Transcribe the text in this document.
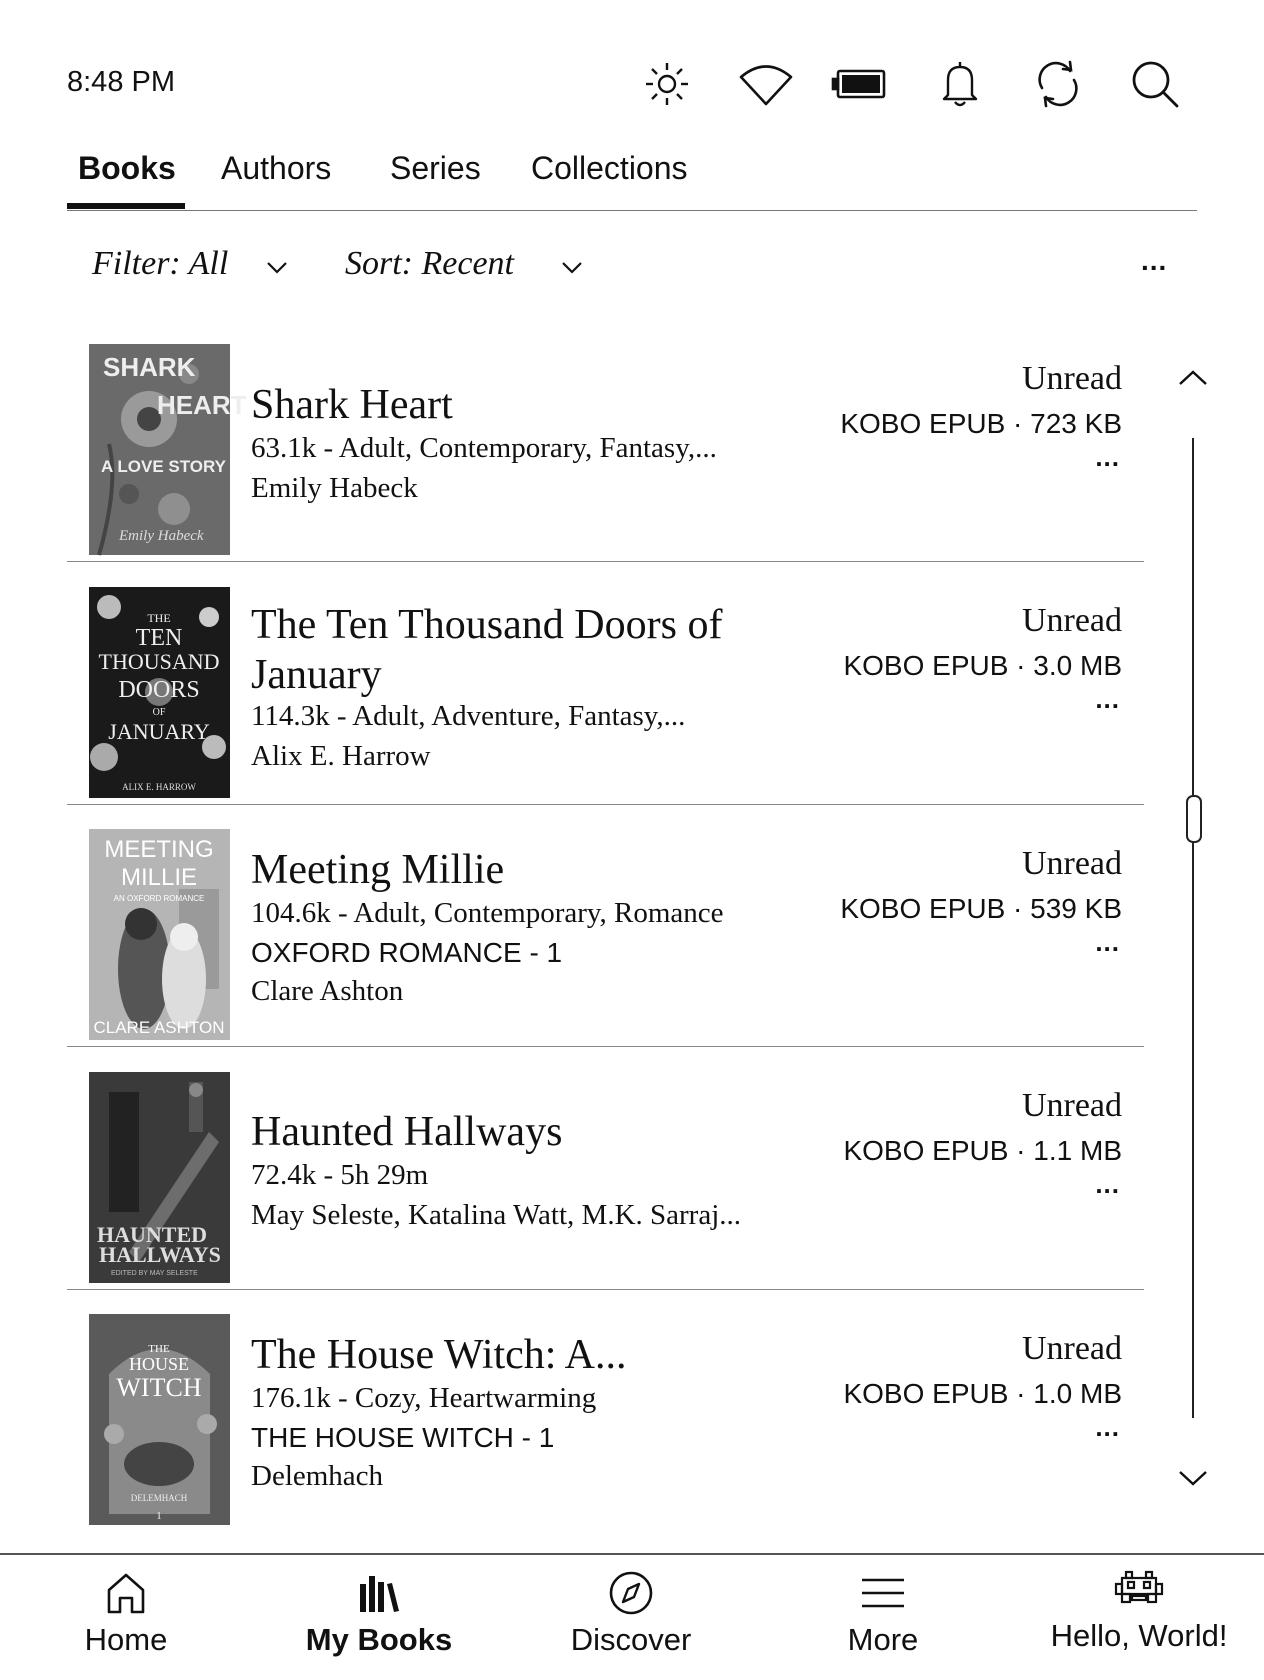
8:48 PM
Books Authors Series Collections
Filter: All	Sort: Recent	...
SHARK
HEART
A LOVE STORY
Emily Habeck
Shark Heart
63.1k - Adult, Contemporary, Fantasy,...
Emily Habeck
Unread
KOBO EPUB · 723 KB
...
THE
TEN
THOUSAND
DOORS
OF
JANUARY
ALIX E. HARROW
The Ten Thousand Doors of January
114.3k - Adult, Adventure, Fantasy,...
Alix E. Harrow
Unread
KOBO EPUB · 3.0 MB
...
MEETING
MILLIE
AN OXFORD ROMANCE
CLARE ASHTON
Meeting Millie
104.6k - Adult, Contemporary, Romance
OXFORD ROMANCE - 1
Clare Ashton
Unread
KOBO EPUB · 539 KB
...
HAUNTED
HALLWAYS
EDITED BY MAY SELESTE
Haunted Hallways
72.4k - 5h 29m
May Seleste, Katalina Watt, M.K. Sarraj...
Unread
KOBO EPUB · 1.1 MB
...
THE
HOUSE
WITCH
DELEMHACH
1
The House Witch: A...
176.1k - Cozy, Heartwarming
THE HOUSE WITCH - 1
Delemhach
Unread
KOBO EPUB · 1.0 MB
...
Home	My Books	Discover	More	Hello, World!
